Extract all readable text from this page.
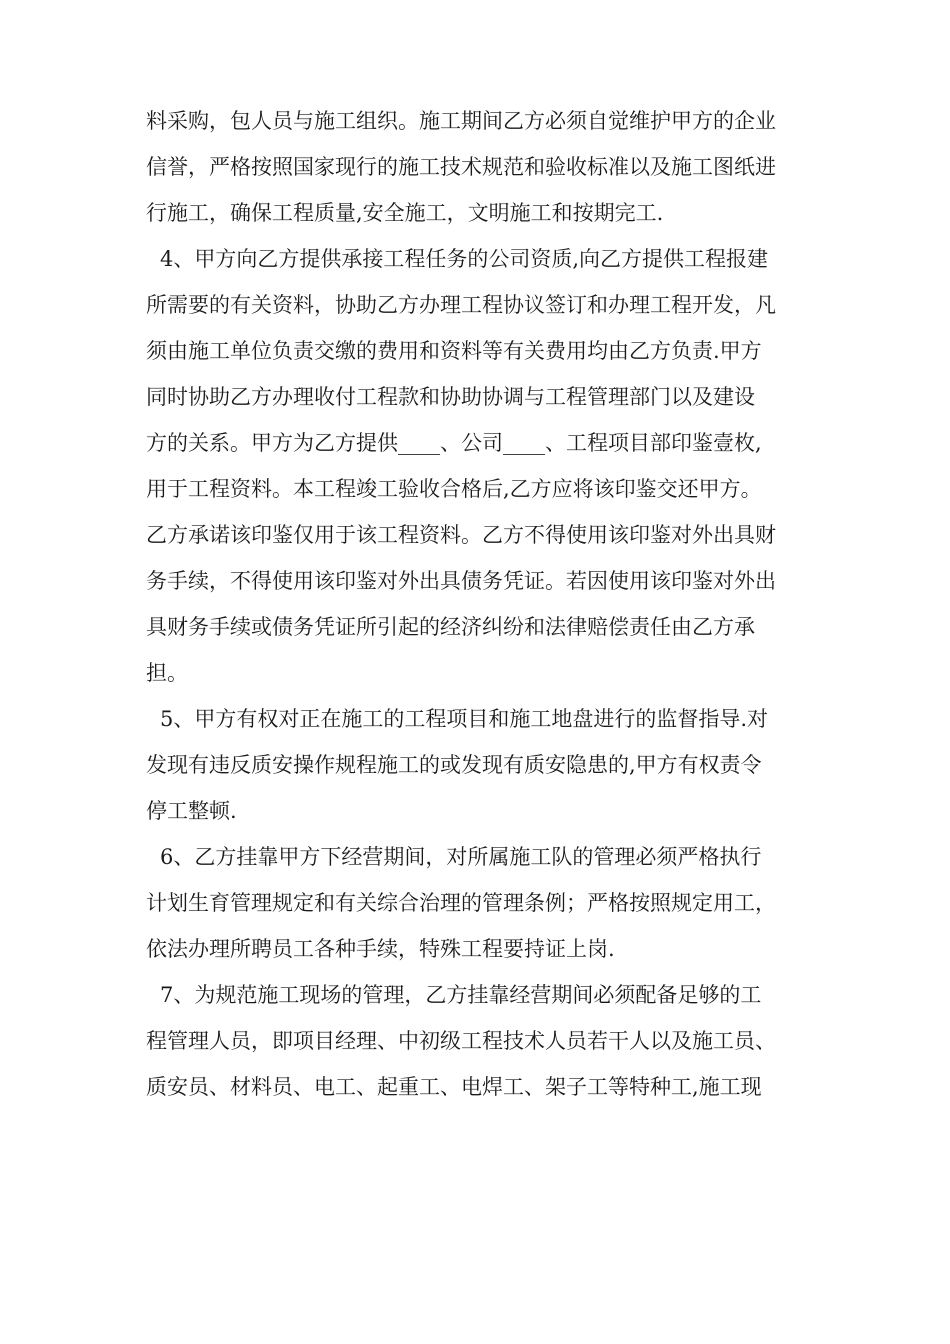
料采购，包人员与施工组织。施工期间乙方必须自觉维护甲方的企业
信誉，严格按照国家现行的施工技术规范和验收标准以及施工图纸进
行施工，确保工程质量,安全施工，文明施工和按期完工.
4、甲方向乙方提供承接工程任务的公司资质,向乙方提供工程报建
所需要的有关资料，协助乙方办理工程协议签订和办理工程开发，凡
须由施工单位负责交缴的费用和资料等有关费用均由乙方负责.甲方
同时协助乙方办理收付工程款和协助协调与工程管理部门以及建设
方的关系。甲方为乙方提供____、公司____、工程项目部印鉴壹枚,
用于工程资料。本工程竣工验收合格后,乙方应将该印鉴交还甲方。
乙方承诺该印鉴仅用于该工程资料。乙方不得使用该印鉴对外出具财
务手续，不得使用该印鉴对外出具债务凭证。若因使用该印鉴对外出
具财务手续或债务凭证所引起的经济纠纷和法律赔偿责任由乙方承
担。
5、甲方有权对正在施工的工程项目和施工地盘进行的监督指导.对
发现有违反质安操作规程施工的或发现有质安隐患的,甲方有权责令
停工整顿.
6、乙方挂靠甲方下经营期间，对所属施工队的管理必须严格执行
计划生育管理规定和有关综合治理的管理条例；严格按照规定用工，
依法办理所聘员工各种手续，特殊工程要持证上岗.
7、为规范施工现场的管理，乙方挂靠经营期间必须配备足够的工
程管理人员，即项目经理、中初级工程技术人员若干人以及施工员、
质安员、材料员、电工、起重工、电焊工、架子工等特种工,施工现
